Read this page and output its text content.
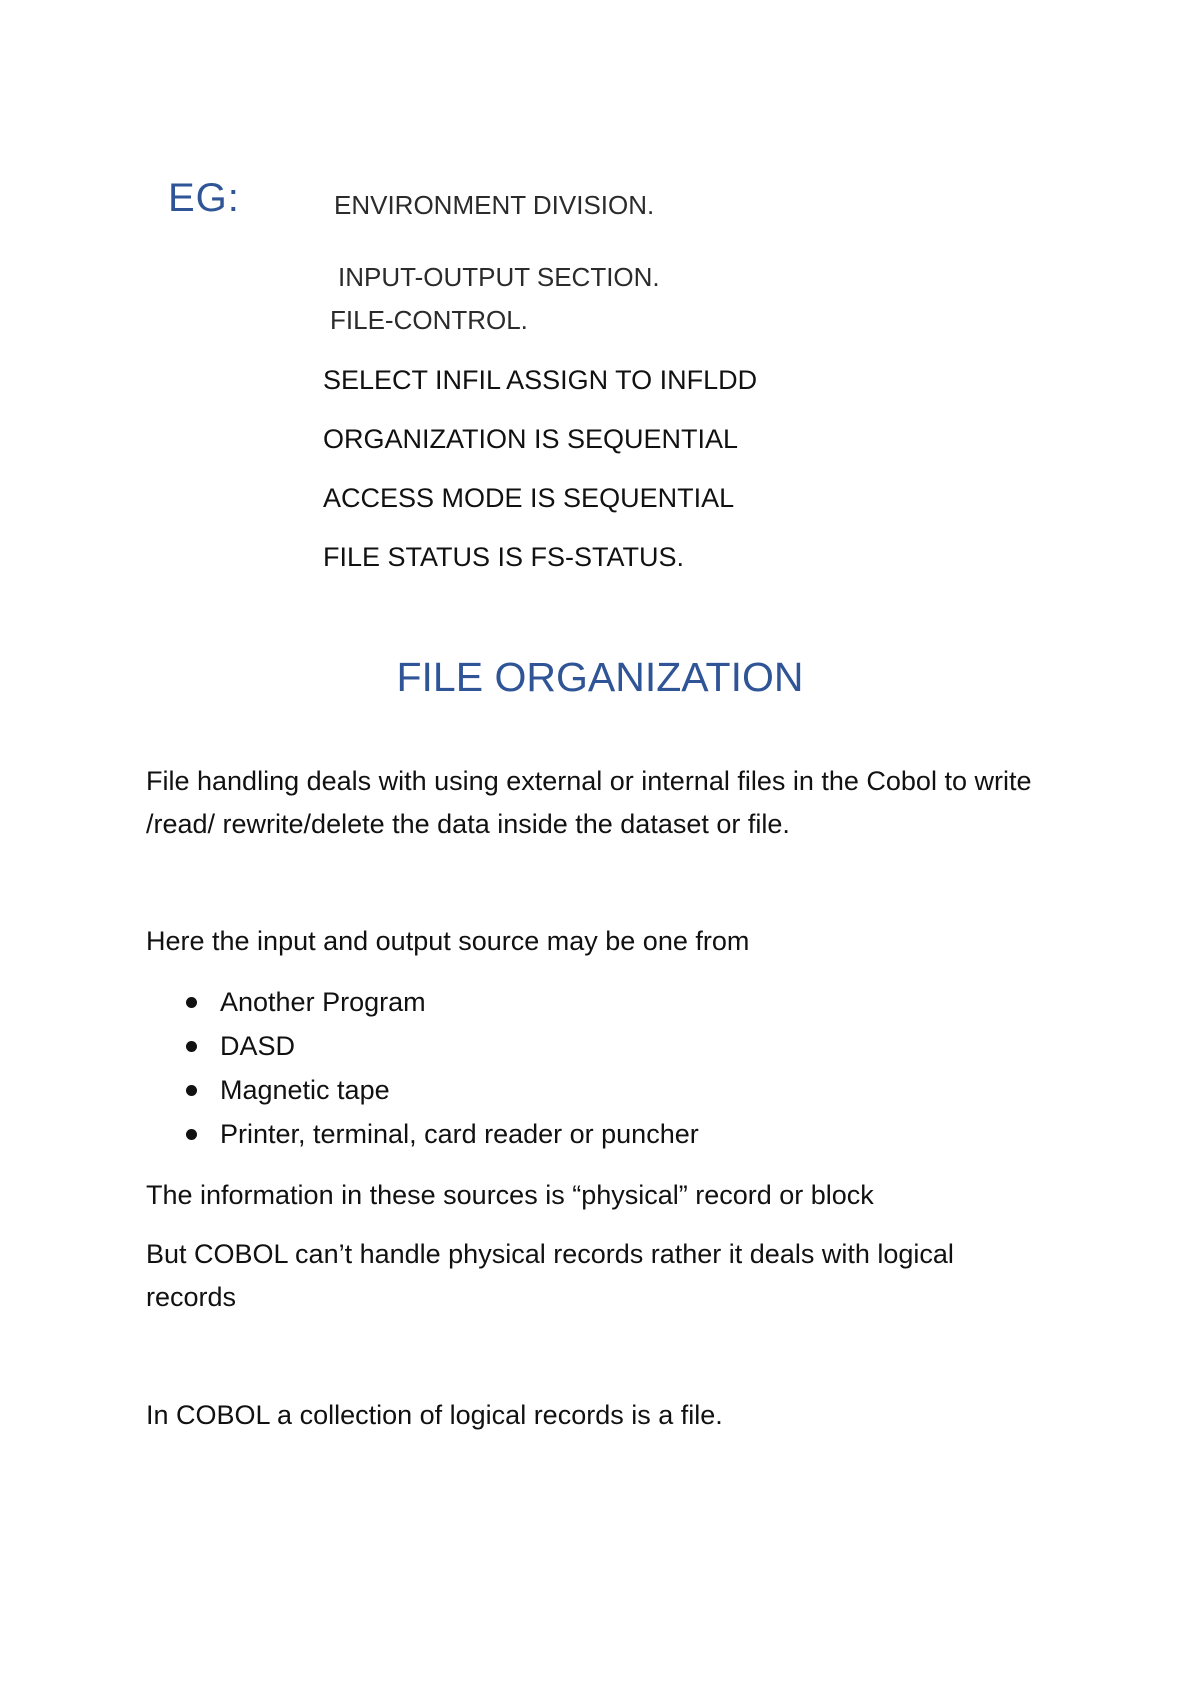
EG:	ENVIRONMENT DIVISION.
INPUT-OUTPUT SECTION.
FILE-CONTROL.
SELECT INFIL ASSIGN TO INFLDD
ORGANIZATION IS SEQUENTIAL
ACCESS MODE IS SEQUENTIAL
FILE STATUS IS FS-STATUS.
FILE ORGANIZATION
File handling deals with using external or internal files in the Cobol to write /read/ rewrite/delete the data inside the dataset or file.
Here the input and output source may be one from
Another Program
DASD
Magnetic tape
Printer, terminal, card reader or puncher
The information in these sources is “physical” record or block
But COBOL can’t handle physical records rather it deals with logical records
In COBOL a collection of logical records is a file.
